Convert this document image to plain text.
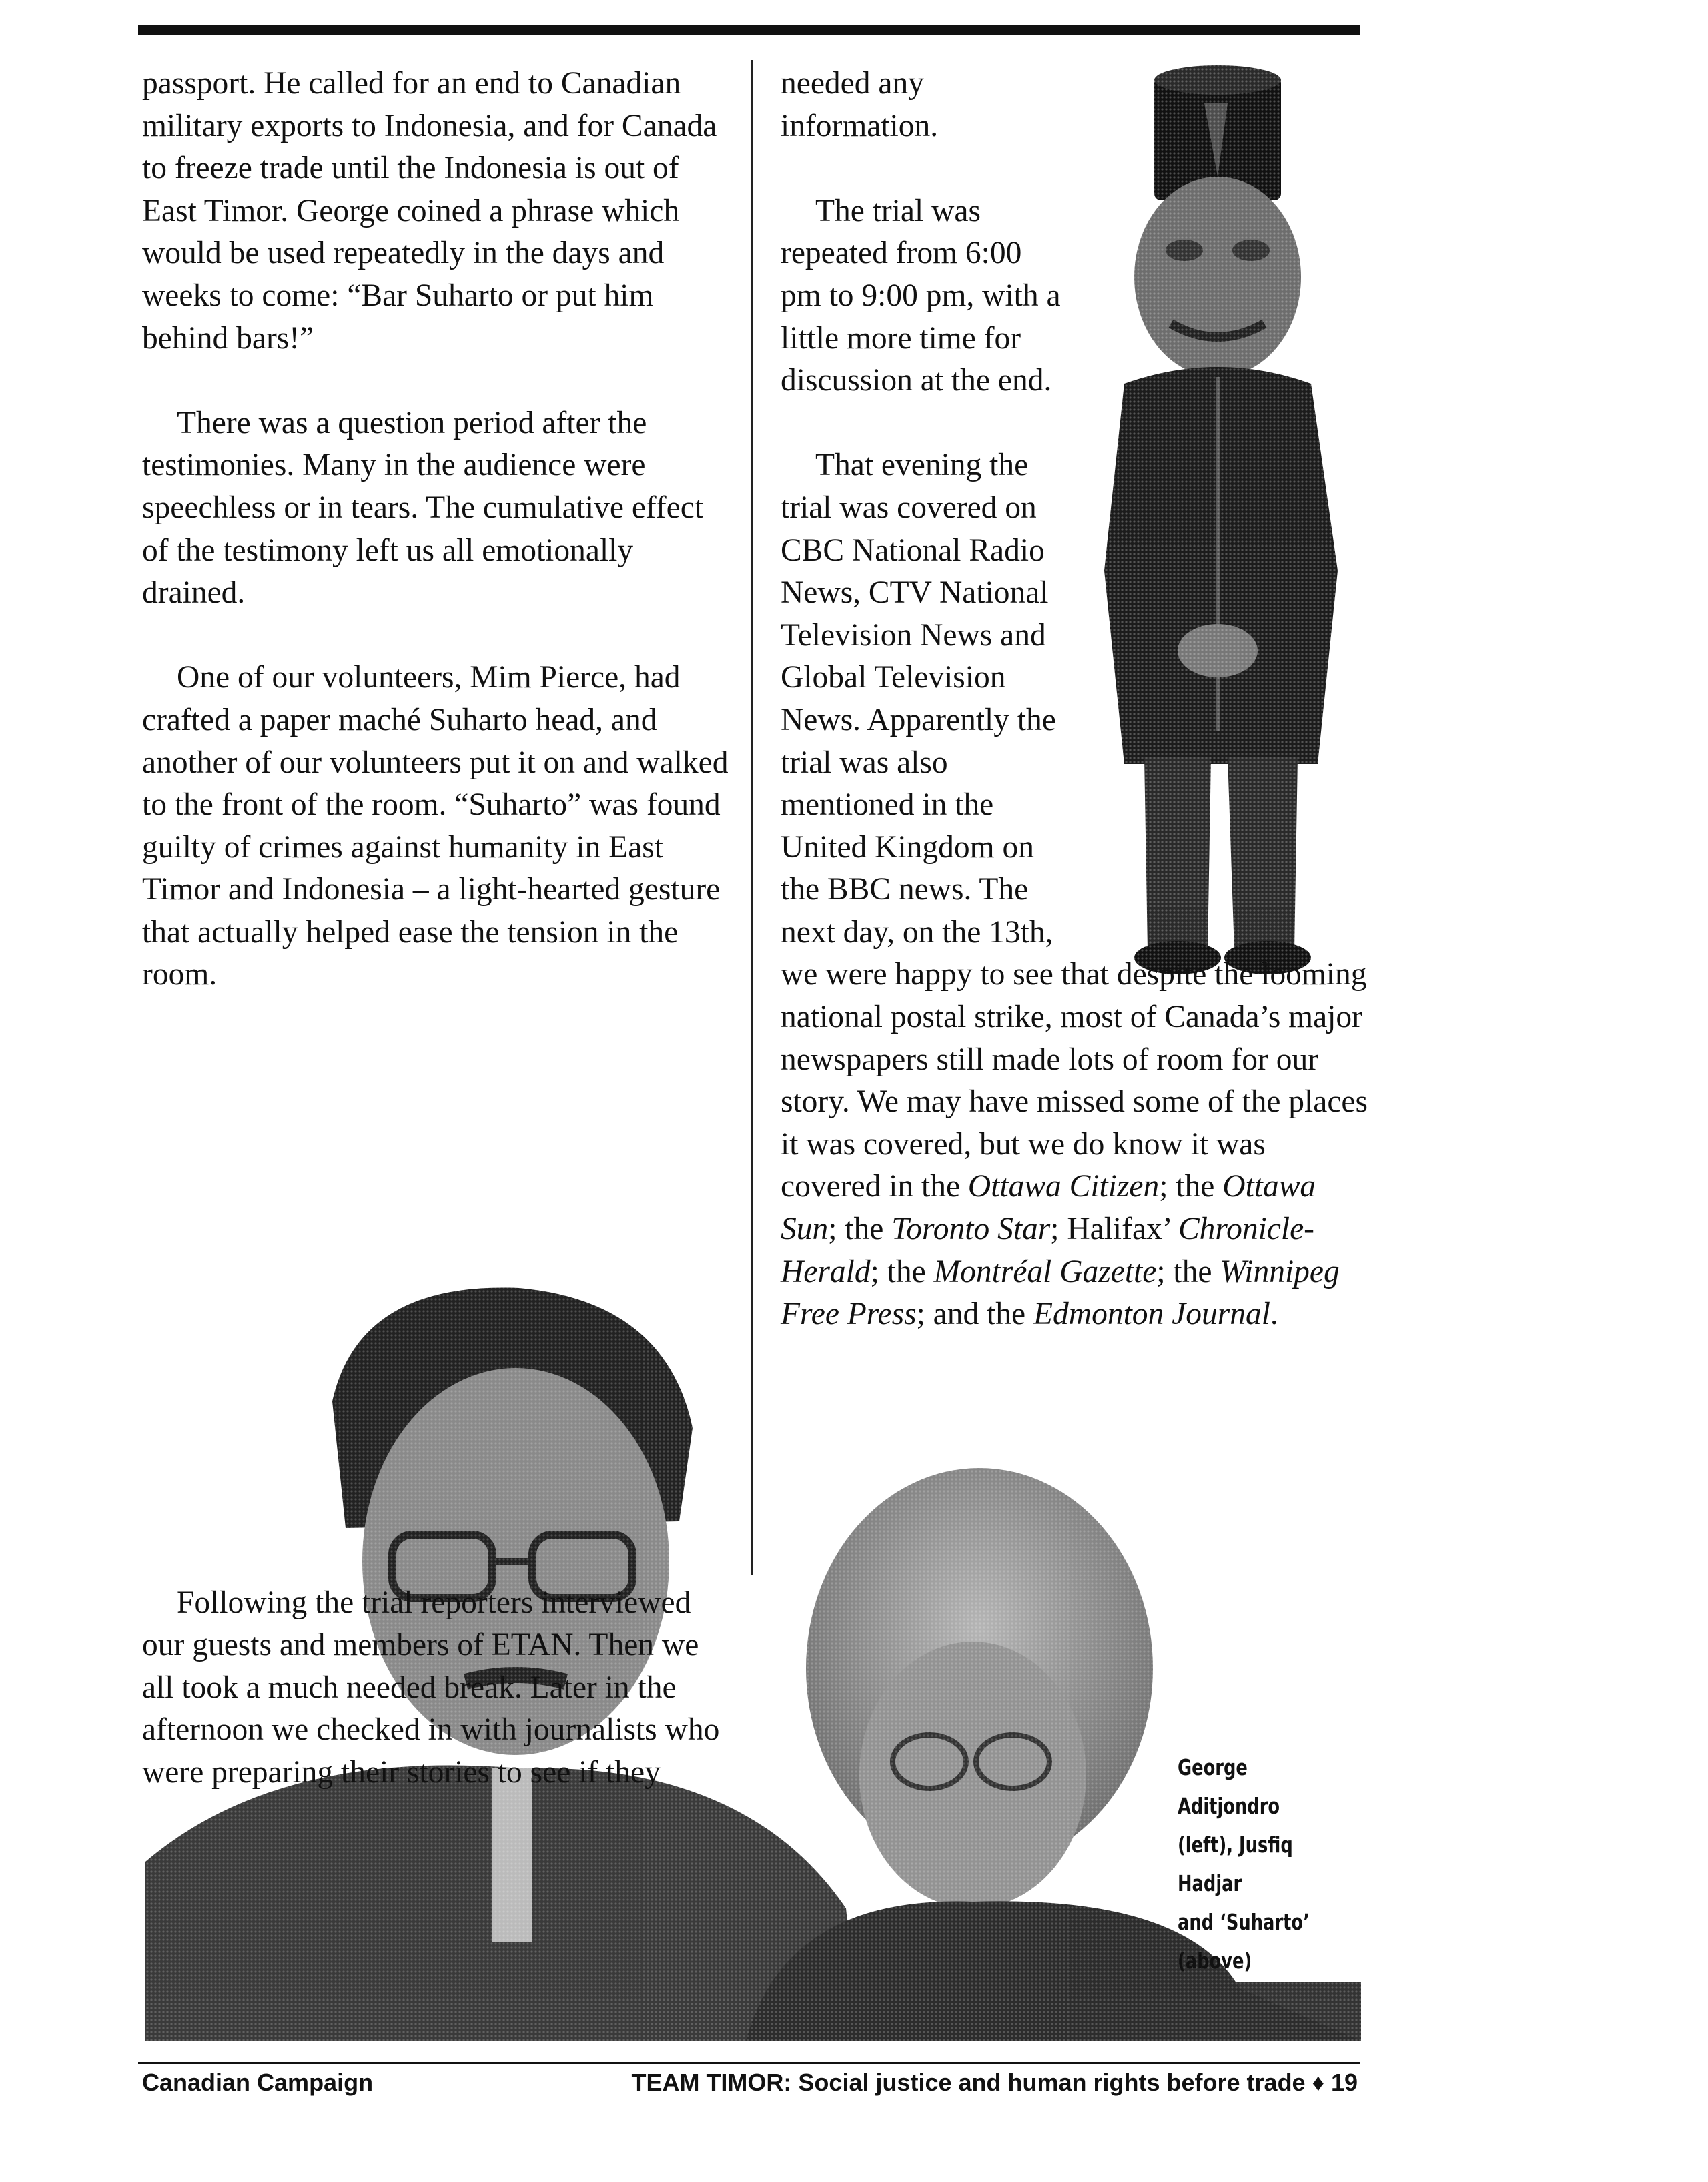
passport. He called for an end to Canadian military exports to Indonesia, and for Canada to freeze trade until the Indonesia is out of East Timor. George coined a phrase which would be used repeatedly in the days and weeks to come: “Bar Suharto or put him behind bars!”

There was a question period after the testimonies. Many in the audience were speechless or in tears. The cumulative effect of the testimony left us all emotionally drained.

One of our volunteers, Mim Pierce, had crafted a paper maché Suharto head, and another of our volunteers put it on and walked to the front of the room. “Suharto” was found guilty of crimes against humanity in East Timor and Indonesia – a light-hearted gesture that actually helped ease the tension in the room.

Following the trial reporters interviewed our guests and members of ETAN. Then we all took a much needed break. Later in the afternoon we checked in with journalists who were preparing their stories to see if they

needed any information.

The trial was repeated from 6:00 pm to 9:00 pm, with a little more time for discussion at the end.

That evening the trial was covered on CBC National Radio News, CTV National Television News and Global Television News. Apparently the trial was also mentioned in the United Kingdom on the BBC news. The next day, on the 13th, we were happy to see that despite the looming national postal strike, most of Canada’s major newspapers still made lots of room for our story. We may have missed some of the places it was covered, but we do know it was covered in the Ottawa Citizen; the Ottawa Sun; the Toronto Star; Halifax’ Chronicle-Herald; the Montréal Gazette; the Winnipeg Free Press; and the Edmonton Journal.

George Aditjondro
(left), Jusfiq Hadjar
and ‘Suharto’ (above)
Canadian Campaign	TEAM TIMOR: Social justice and human rights before trade ♦ 19
